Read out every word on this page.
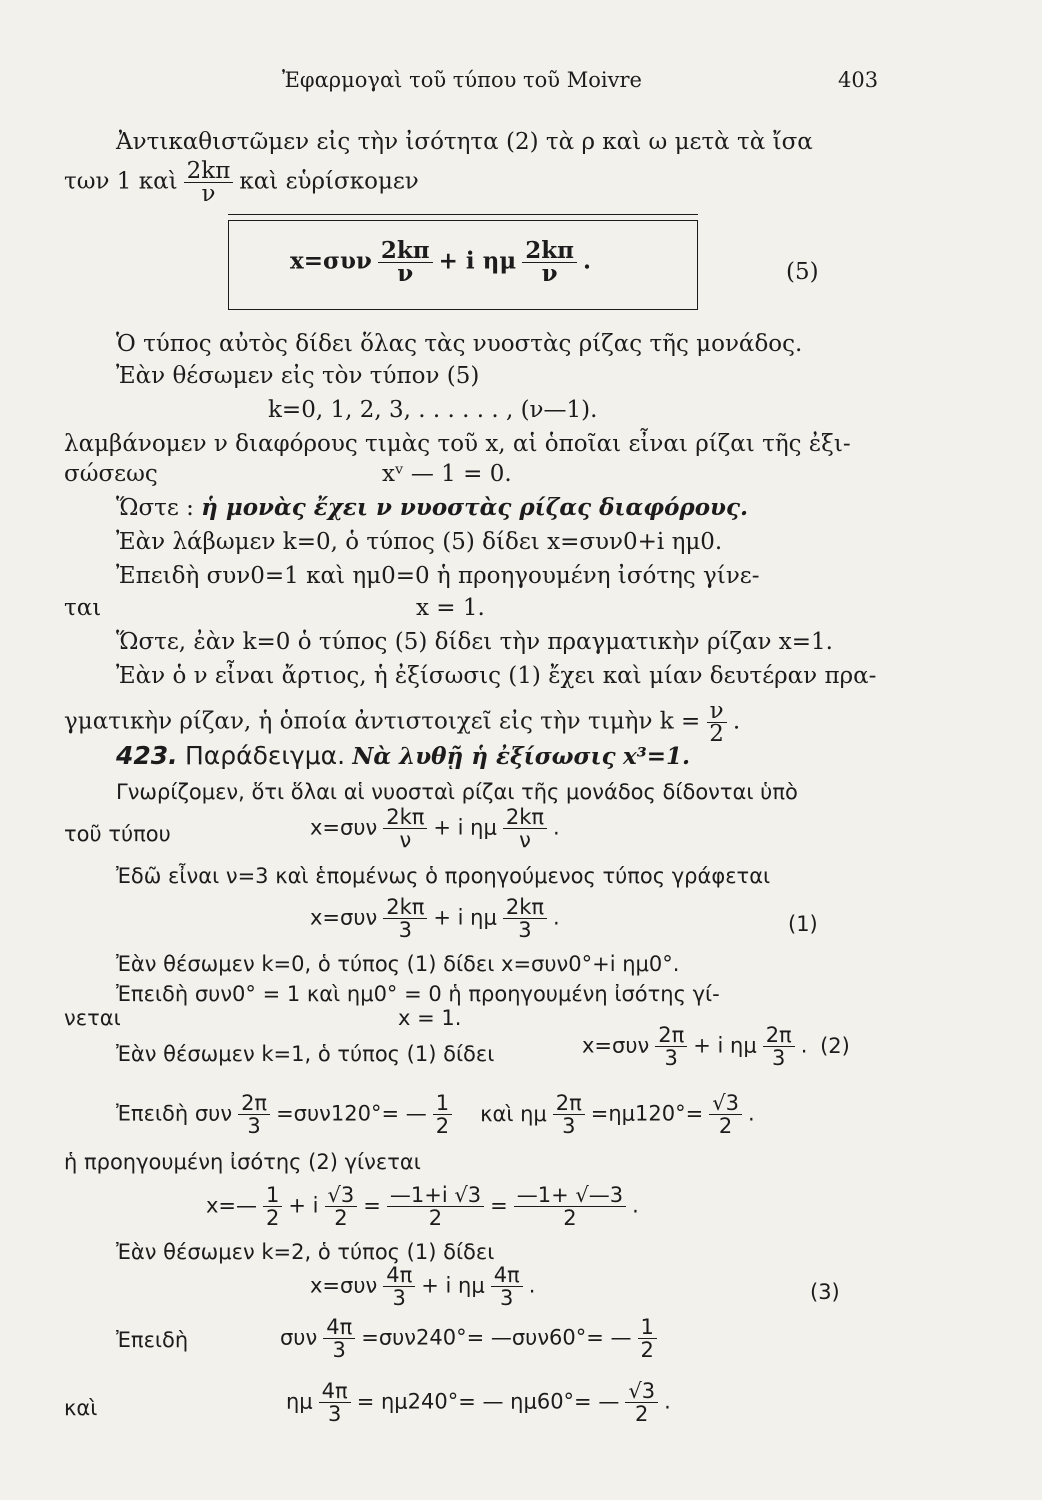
Ἐφαρμογαὶ τοῦ τύπου τοῦ Moivre	403
Ἀντικαθιστῶμεν εἰς τὴν ἰσότητα (2) τὰ ρ καὶ ω μετὰ τὰ ἴσα
των 1 καὶ $\frac{2k\pi}{\nu}$ καὶ εὑρίσκομεν
$x=\sigma\upsilon\nu \frac{2k\pi}{\nu} + i$ ημ $\frac{2k\pi}{\nu}$ .	(5)
Ὁ τύπος αὐτὸς δίδει ὅλας τὰς νυοστὰς ρίζας τῆς μονάδος.
Ἐὰν θέσωμεν εἰς τὸν τύπον (5)
k=0, 1, 2, 3, . . . . . . , (ν—1).
λαμβάνομεν ν διαφόρους τιμὰς τοῦ x, αἱ ὁποῖαι εἶναι ρίζαι τῆς ἐξι-
σώσεως	xᵛ — 1 = 0.
Ὥστε : ἡ μονὰς ἔχει ν νυοστὰς ρίζας διαφόρους.
Ἐὰν λάβωμεν k=0, ὁ τύπος (5) δίδει x=συν0+i ημ0.
Ἐπειδὴ συν0=1 καὶ ημ0=0 ἡ προηγουμένη ἰσότης γίνε-
ται	x = 1.
Ὥστε, ἐὰν k=0 ὁ τύπος (5) δίδει τὴν πραγματικὴν ρίζαν x=1.
Ἐὰν ὁ ν εἶναι ἄρτιος, ἡ ἐξίσωσις (1) ἔχει καὶ μίαν δευτέραν πρα-
γματικὴν ρίζαν, ἡ ὁποία ἀντιστοιχεῖ εἰς τὴν τιμὴν $k = \frac{\nu}{2}$ .
423. Παράδειγμα. Νὰ λυθῇ ἡ ἐξίσωσις x³=1.
Γνωρίζομεν, ὅτι ὅλαι αἱ νυοσταὶ ρίζαι τῆς μονάδος δίδονται ὑπὸ
τοῦ τύπου	$x=\sigma\upsilon\nu \frac{2k\pi}{\nu} + i$ ημ $\frac{2k\pi}{\nu}$ .
Ἐδῶ εἶναι ν=3 καὶ ἑπομένως ὁ προηγούμενος τύπος γράφεται
$x=\sigma\upsilon\nu \frac{2k\pi}{3} + i$ ημ $\frac{2k\pi}{3}$ .	(1)
Ἐὰν θέσωμεν k=0, ὁ τύπος (1) δίδει x=συν0°+i ημ0°.
Ἐπειδὴ συν0° = 1 καὶ ημ0° = 0 ἡ προηγουμένη ἰσότης γί-
νεται	x = 1.
Ἐὰν θέσωμεν k=1, ὁ τύπος (1) δίδει	$x=\sigma\upsilon\nu \frac{2\pi}{3} + i$ ημ $\frac{2\pi}{3}$ . (2)
Ἐπειδὴ συν $\frac{2\pi}{3} =\sigma\upsilon\nu 120^\circ=$ — $\frac{1}{2}$ καὶ ημ $\frac{2\pi}{3} =\eta\mu 120^\circ= \frac{√3}{2}$ .
ἡ προηγουμένη ἰσότης (2) γίνεται
x=— $\frac{1}{2} + i \frac{√3}{2} = \frac{—1+i √3}{2} = \frac{—1+ √—3}{2}$ .
Ἐὰν θέσωμεν k=2, ὁ τύπος (1) δίδει
$x=\sigma\upsilon\nu \frac{4\pi}{3} + i$ ημ $\frac{4\pi}{3}$ .	(3)
Ἐπειδὴ	συν $\frac{4\pi}{3} =\sigma\upsilon\nu 240^\circ=$ —συν60°= — $\frac{1}{2}$
καὶ	ημ $\frac{4\pi}{3} = \eta\mu 240^\circ=$ — ημ60°= — $\frac{√3}{2}$ .
